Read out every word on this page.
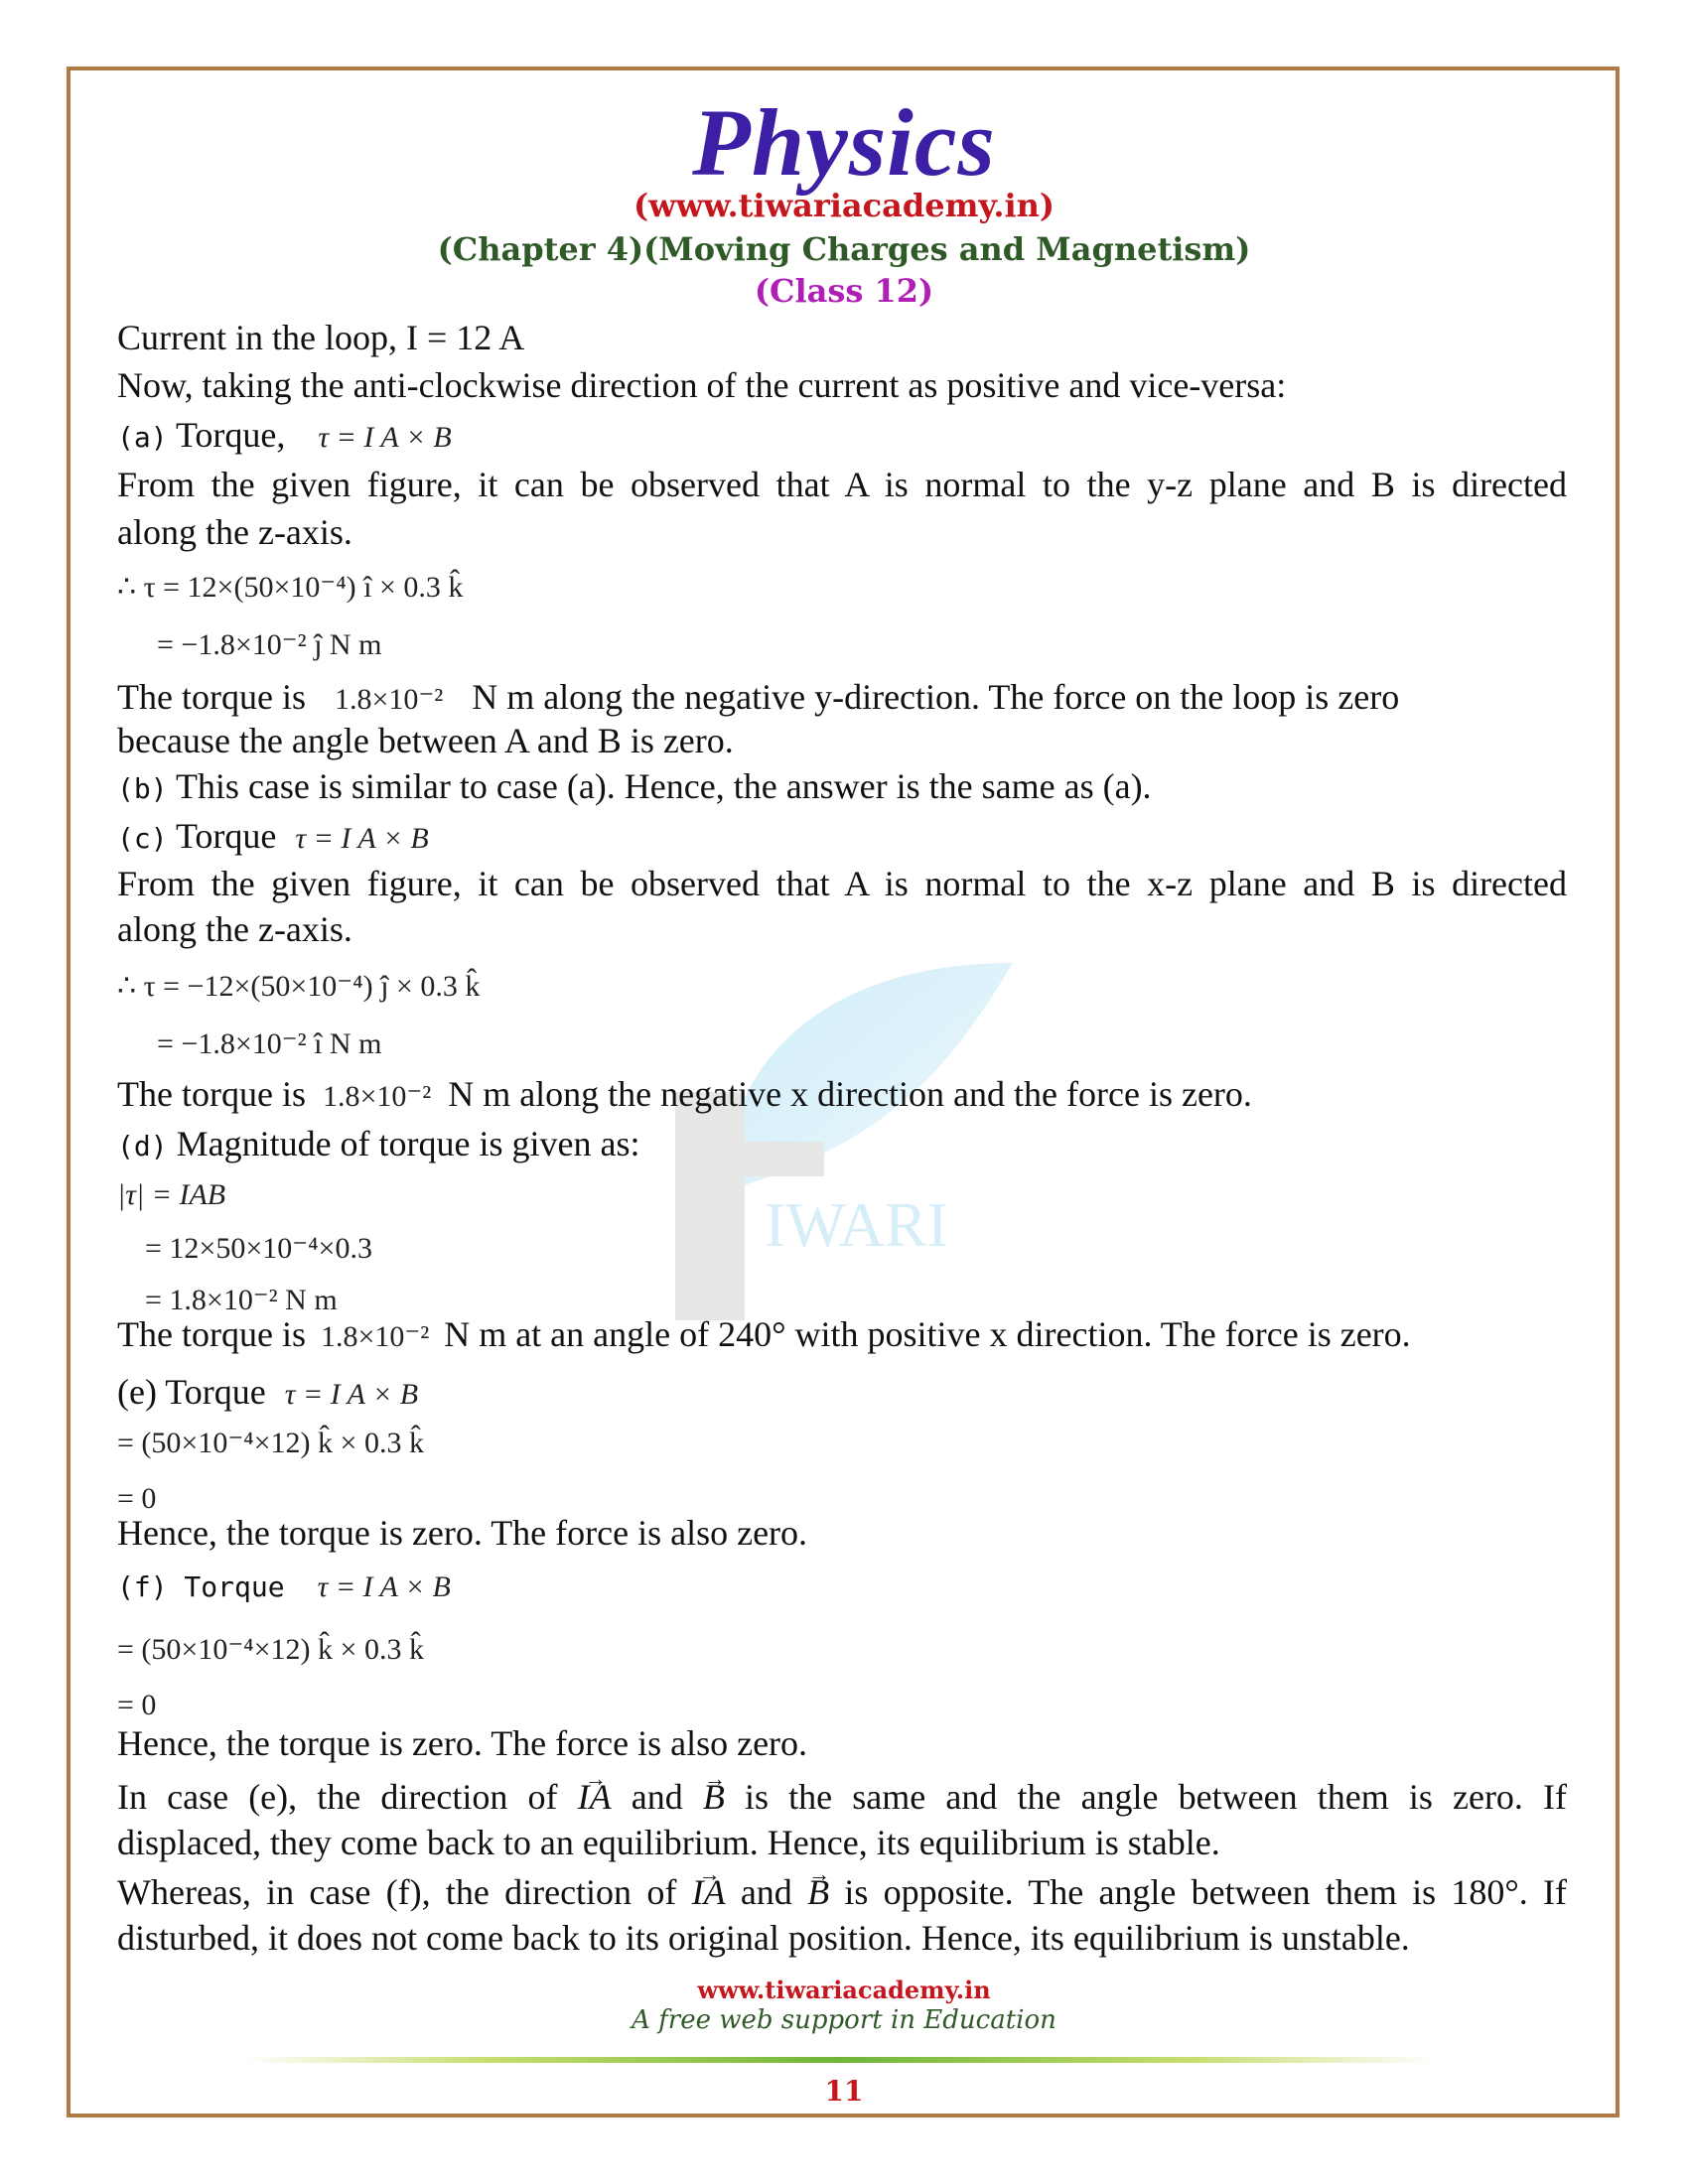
IWARI
Physics
(www.tiwariacademy.in)
(Chapter 4)(Moving Charges and Magnetism)
(Class 12)
Current in the loop, I = 12 A
Now, taking the anti-clockwise direction of the current as positive and vice-versa:
(a) Torque, τ = I A × B
From the given figure, it can be observed that A is normal to the y-z plane and B is directed
along the z-axis.
∴ τ = 12×(50×10⁻⁴) î × 0.3 k̂
= −1.8×10⁻² ĵ N m
The torque is 1.8×10⁻² N m along the negative y-direction. The force on the loop is zero
because the angle between A and B is zero.
(b) This case is similar to case (a). Hence, the answer is the same as (a).
(c) Torque τ = I A × B
From the given figure, it can be observed that A is normal to the x-z plane and B is directed
along the z-axis.
∴ τ = −12×(50×10⁻⁴) ĵ × 0.3 k̂
= −1.8×10⁻² î N m
The torque is 1.8×10⁻² N m along the negative x direction and the force is zero.
(d) Magnitude of torque is given as:
|τ| = IAB
= 12×50×10⁻⁴×0.3
= 1.8×10⁻² N m
The torque is 1.8×10⁻² N m at an angle of 240° with positive x direction. The force is zero.
(e) Torque τ = I A × B
= (50×10⁻⁴×12) k̂ × 0.3 k̂
= 0
Hence, the torque is zero. The force is also zero.
(f) Torque τ = I A × B
= (50×10⁻⁴×12) k̂ × 0.3 k̂
= 0
Hence, the torque is zero. The force is also zero.
In case (e), the direction of → IA and → B is the same and the angle between them is zero. If
displaced, they come back to an equilibrium. Hence, its equilibrium is stable.
Whereas, in case (f), the direction of → IA and → B is opposite. The angle between them is 180°. If
disturbed, it does not come back to its original position. Hence, its equilibrium is unstable.
www.tiwariacademy.in
A free web support in Education
11
